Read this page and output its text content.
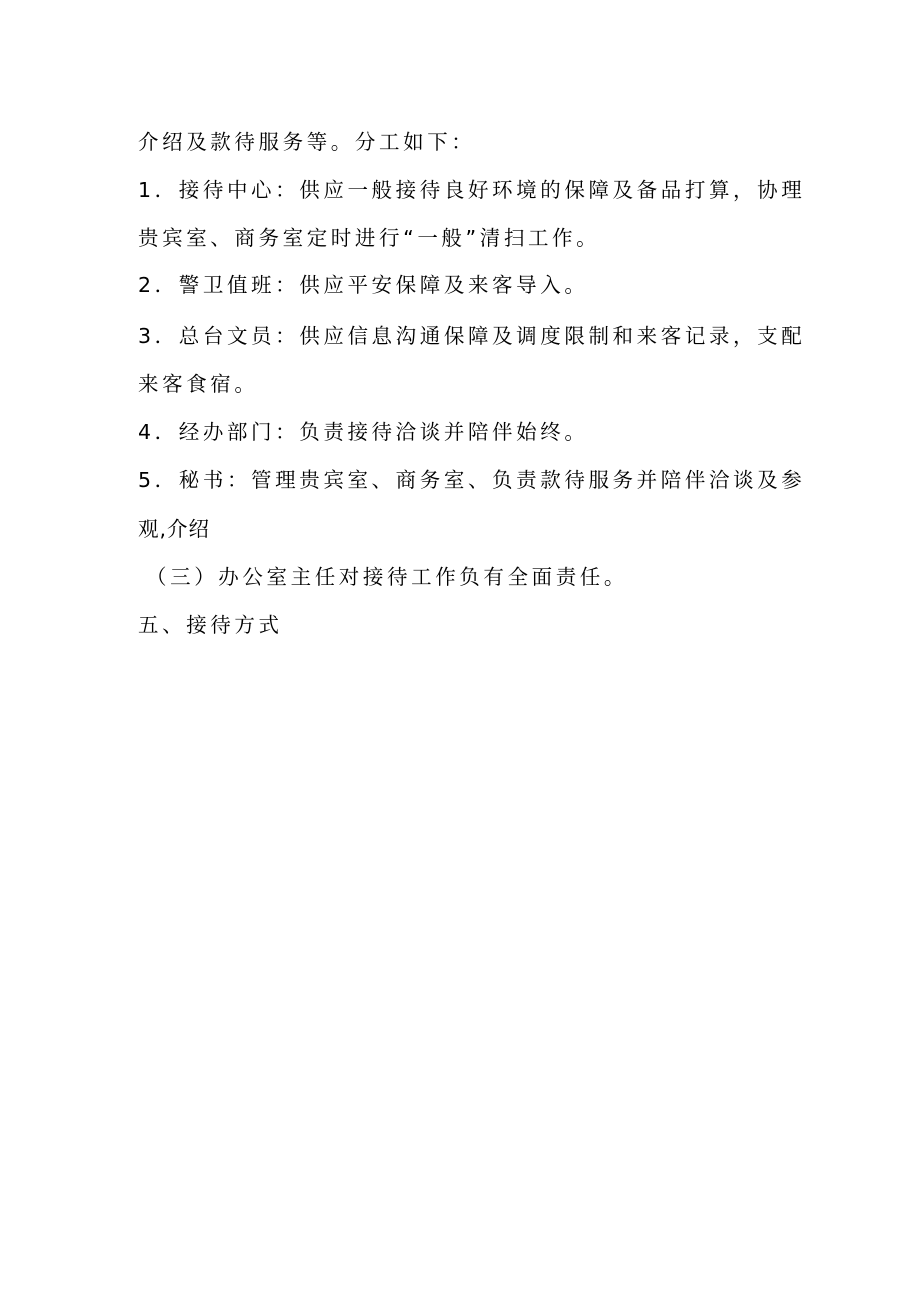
介绍及款待服务等。分工如下：
1．接待中心：供应一般接待良好环境的保障及备品打算，协理
贵宾室、商务室定时进行“一般”清扫工作。
2．警卫值班：供应平安保障及来客导入。
3．总台文员：供应信息沟通保障及调度限制和来客记录，支配
来客食宿。
4．经办部门：负责接待洽谈并陪伴始终。
5．秘书：管理贵宾室、商务室、负责款待服务并陪伴洽谈及参
观,介绍
（三）办公室主任对接待工作负有全面责任。
五、接待方式
